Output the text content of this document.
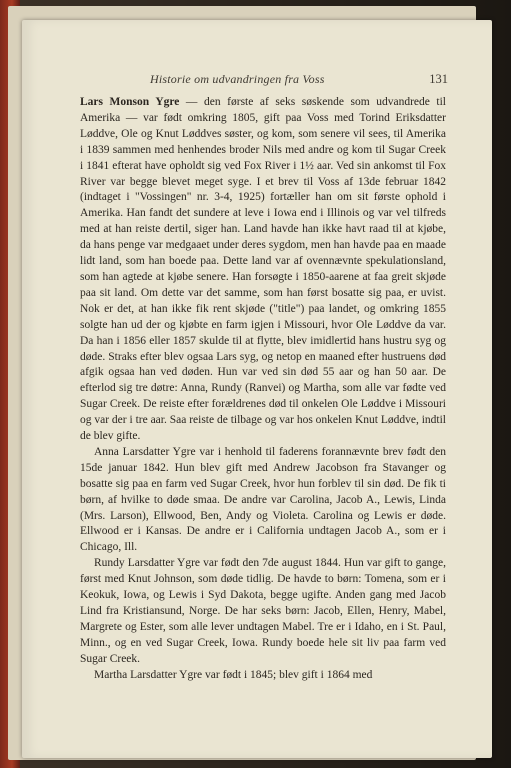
Historie om udvandringen fra Voss	131

Lars Monson Ygre — den første af seks søskende som udvandrede til Amerika — var født omkring 1805, gift paa Voss med Torind Eriksdatter Løddve, Ole og Knut Løddves søster, og kom, som senere vil sees, til Amerika i 1839 sammen med henhendes broder Nils med andre og kom til Sugar Creek i 1841 efterat have opholdt sig ved Fox River i 1½ aar. Ved sin ankomst til Fox River var begge blevet meget syge. I et brev til Voss af 13de februar 1842 (indtaget i "Vossingen" nr. 3-4, 1925) fortæller han om sit første ophold i Amerika. Han fandt det sundere at leve i Iowa end i Illinois og var vel tilfreds med at han reiste dertil, siger han. Land havde han ikke havt raad til at kjøbe, da hans penge var medgaaet under deres sygdom, men han havde paa en maade lidt land, som han boede paa. Dette land var af ovennævnte spekulationsland, som han agtede at kjøbe senere. Han forsøgte i 1850-aarene at faa greit skjøde paa sit land. Om dette var det samme, som han først bosatte sig paa, er uvist. Nok er det, at han ikke fik rent skjøde ("title") paa landet, og omkring 1855 solgte han ud der og kjøbte en farm igjen i Missouri, hvor Ole Løddve da var. Da han i 1856 eller 1857 skulde til at flytte, blev imidlertid hans hustru syg og døde. Straks efter blev ogsaa Lars syg, og netop en maaned efter hustruens død afgik ogsaa han ved døden. Hun var ved sin død 55 aar og han 50 aar. De efterlod sig tre døtre: Anna, Rundy (Ranvei) og Martha, som alle var fødte ved Sugar Creek. De reiste efter forældrenes død til onkelen Ole Løddve i Missouri og var der i tre aar. Saa reiste de tilbage og var hos onkelen Knut Løddve, indtil de blev gifte.

Anna Larsdatter Ygre var i henhold til faderens forannævnte brev født den 15de januar 1842. Hun blev gift med Andrew Jacobson fra Stavanger og bosatte sig paa en farm ved Sugar Creek, hvor hun forblev til sin død. De fik ti børn, af hvilke to døde smaa. De andre var Carolina, Jacob A., Lewis, Linda (Mrs. Larson), Ellwood, Ben, Andy og Violeta. Carolina og Lewis er døde. Ellwood er i Kansas. De andre er i California undtagen Jacob A., som er i Chicago, Ill.

Rundy Larsdatter Ygre var født den 7de august 1844. Hun var gift to gange, først med Knut Johnson, som døde tidlig. De havde to børn: Tomena, som er i Keokuk, Iowa, og Lewis i Syd Dakota, begge ugifte. Anden gang med Jacob Lind fra Kristiansund, Norge. De har seks børn: Jacob, Ellen, Henry, Mabel, Margrete og Ester, som alle lever undtagen Mabel. Tre er i Idaho, en i St. Paul, Minn., og en ved Sugar Creek, Iowa. Rundy boede hele sit liv paa farm ved Sugar Creek.

Martha Larsdatter Ygre var født i 1845; blev gift i 1864 med
